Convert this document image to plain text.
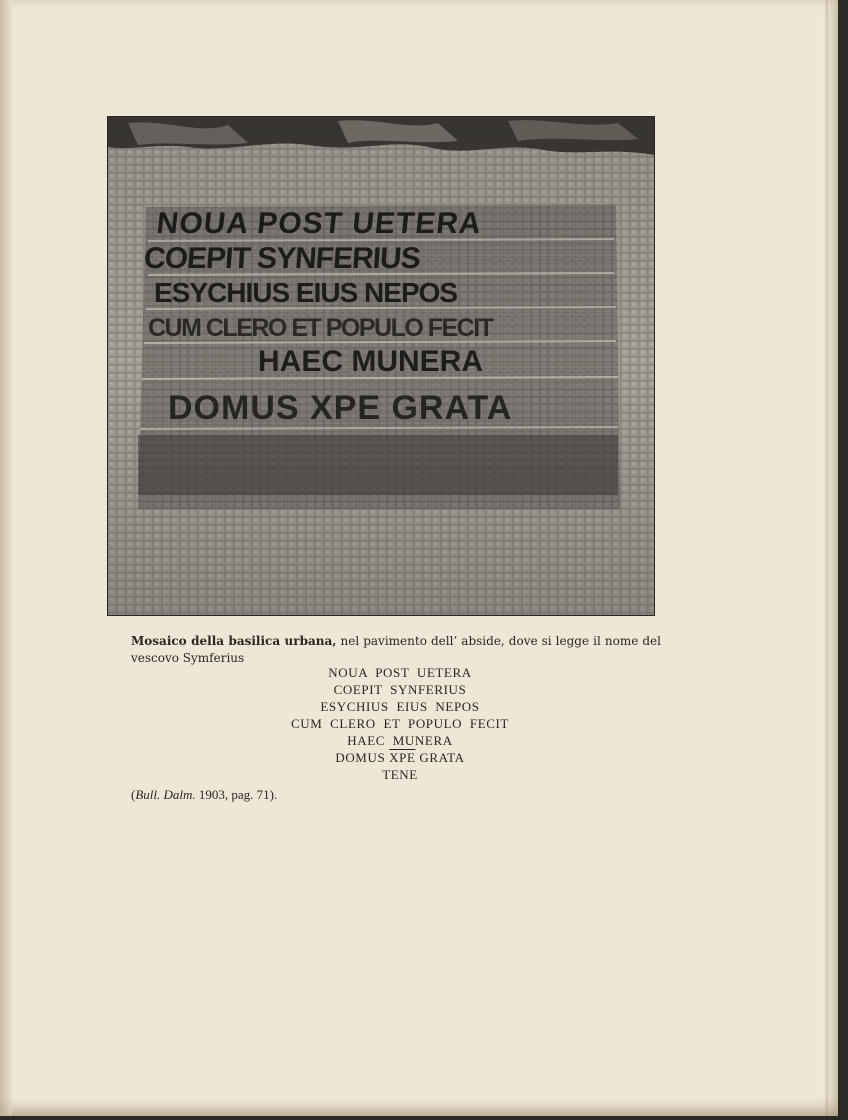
Mosaico della basilica urbana, nel pavimento dell’ abside, dove si legge il nome del vescovo Symferius
NOUA  POST  UETERA
COEPIT  SYNFERIUS
ESYCHIUS  EIUS  NEPOS
CUM  CLERO  ET  POPULO  FECIT
HAEC  MUNERA
DOMUS $\overline{XPE}$ GRATA
TENE
(Bull. Dalm. 1903, pag. 71).
